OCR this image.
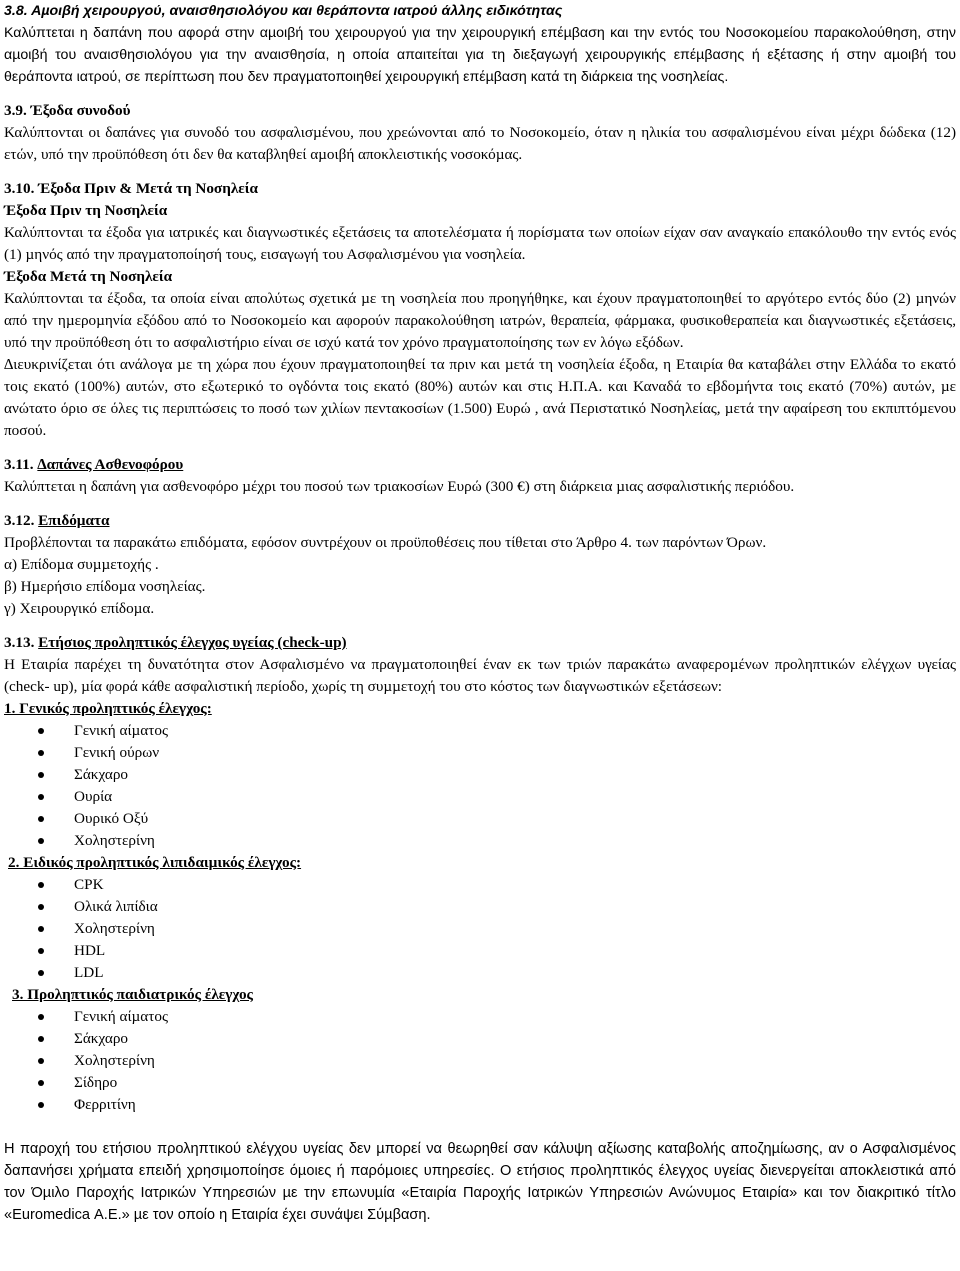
3.8. Αµοιβή χειρουργού, αναισθησιολόγου και θεράποντα ιατρού άλλης ειδικότητας

Καλύπτεται η δαπάνη που αφορά στην αµοιβή του χειρουργού για την χειρουργική επέµβαση και την εντός του Νοσοκοµείου παρακολούθηση, στην αµοιβή του αναισθησιολόγου για την αναισθησία, η οποία απαιτείται για τη διεξαγωγή χειρουργικής επέµβασης ή εξέτασης ή στην αµοιβή του θεράποντα ιατρού, σε περίπτωση που δεν πραγµατοποιηθεί χειρουργική επέµβαση κατά τη διάρκεια της νοσηλείας.

3.9. Έξοδα συνοδού

Καλύπτονται οι δαπάνες για συνοδό του ασφαλισµένου, που χρεώνονται από το Νοσοκοµείο, όταν η ηλικία του ασφαλισµένου είναι µέχρι δώδεκα (12) ετών, υπό την προϋπόθεση ότι δεν θα καταβληθεί αµοιβή αποκλειστικής νοσοκόµας.

3.10. Έξοδα Πριν & Μετά τη Νοσηλεία

Έξοδα Πριν τη Νοσηλεία

Καλύπτονται τα έξοδα για ιατρικές και διαγνωστικές εξετάσεις τα αποτελέσµατα ή πορίσµατα των οποίων είχαν σαν αναγκαίο επακόλουθο την εντός ενός (1) µηνός από την πραγµατοποίησή τους, εισαγωγή του Ασφαλισµένου για νοσηλεία.

Έξοδα Μετά τη Νοσηλεία

Καλύπτονται τα έξοδα, τα οποία είναι απολύτως σχετικά µε τη νοσηλεία που προηγήθηκε, και έχουν πραγµατοποιηθεί το αργότερο εντός δύο (2) µηνών από την ηµεροµηνία εξόδου από το Νοσοκοµείο και αφορούν παρακολούθηση ιατρών, θεραπεία, φάρµακα, φυσικοθεραπεία και διαγνωστικές εξετάσεις, υπό την προϋπόθεση ότι το ασφαλιστήριο είναι σε ισχύ κατά τον χρόνο πραγµατοποίησης των εν λόγω εξόδων.

∆ιευκρινίζεται ότι ανάλογα µε τη χώρα που έχουν πραγµατοποιηθεί τα πριν και µετά τη νοσηλεία έξοδα, η Εταιρία θα καταβάλει στην Ελλάδα το εκατό τοις εκατό (100%) αυτών, στο εξωτερικό το ογδόντα τοις εκατό (80%) αυτών και στις Η.Π.Α. και Καναδά το εβδοµήντα τοις εκατό (70%) αυτών, µε ανώτατο όριο σε όλες τις περιπτώσεις το ποσό των χιλίων πεντακοσίων (1.500) Ευρώ , ανά Περιστατικό Νοσηλείας, µετά την αφαίρεση του εκπιπτόµενου ποσού.

3.11. ∆απάνες Ασθενοφόρου

Καλύπτεται η δαπάνη για ασθενοφόρο µέχρι του ποσού των τριακοσίων Ευρώ (300 €) στη διάρκεια µιας ασφαλιστικής περιόδου.

3.12. Επιδόµατα

Προβλέπονται τα παρακάτω επιδόµατα, εφόσον συντρέχουν οι προϋποθέσεις που τίθεται στο Άρθρο 4. των παρόντων Όρων.

α) Επίδοµα συµµετοχής .

β) Ηµερήσιο επίδοµα νοσηλείας.

γ) Χειρουργικό επίδοµα.

3.13. Ετήσιος προληπτικός έλεγχος υγείας (check-up)

Η Εταιρία παρέχει τη δυνατότητα στον Ασφαλισµένο να πραγµατοποιηθεί έναν εκ των τριών παρακάτω αναφεροµένων προληπτικών ελέγχων υγείας (check- up), µία φορά κάθε ασφαλιστική περίοδο, χωρίς τη συµµετοχή του στο κόστος των διαγνωστικών εξετάσεων:

1. Γενικός προληπτικός έλεγχος:

Γενική αίµατος
Γενική ούρων
Σάκχαρο
Ουρία
Ουρικό Οξύ
Χοληστερίνη

2. Ειδικός προληπτικός λιπιδαιµικός έλεγχος:

CPK
Ολικά λιπίδια
Χοληστερίνη
HDL
LDL

3. Προληπτικός παιδιατρικός έλεγχος

Γενική αίµατος
Σάκχαρο
Χοληστερίνη
Σίδηρο
Φερριτίνη

Η παροχή του ετήσιου προληπτικού ελέγχου υγείας δεν µπορεί να θεωρηθεί σαν κάλυψη αξίωσης καταβολής αποζηµίωσης, αν ο Ασφαλισµένος δαπανήσει χρήµατα επειδή χρησιµοποίησε όµοιες ή παρόµοιες υπηρεσίες. Ο ετήσιος προληπτικός έλεγχος υγείας διενεργείται αποκλειστικά από τον Όµιλο Παροχής Ιατρικών Υπηρεσιών µε την επωνυµία «Εταιρία Παροχής Ιατρικών Υπηρεσιών Ανώνυµος Εταιρία» και τον διακριτικό τίτλο «Euromedica Α.Ε.» µε τον οποίο η Εταιρία έχει συνάψει Σύµβαση.
